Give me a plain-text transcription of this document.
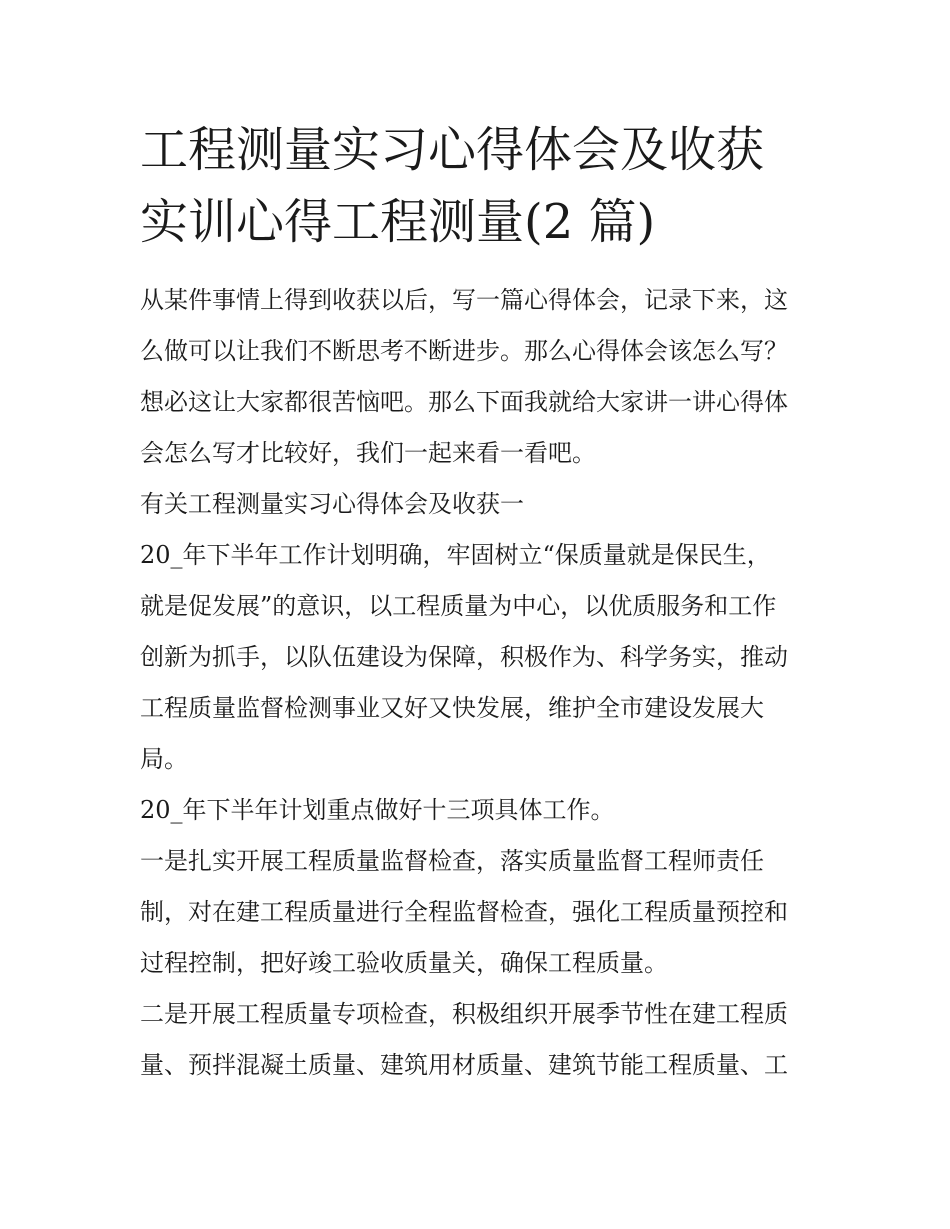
工程测量实习心得体会及收获
实训心得工程测量(2 篇)
从某件事情上得到收获以后，写一篇心得体会，记录下来，这
么做可以让我们不断思考不断进步。那么心得体会该怎么写？
想必这让大家都很苦恼吧。那么下面我就给大家讲一讲心得体
会怎么写才比较好，我们一起来看一看吧。
有关工程测量实习心得体会及收获一
20_年下半年工作计划明确，牢固树立“保质量就是保民生，
就是促发展”的意识，以工程质量为中心，以优质服务和工作
创新为抓手，以队伍建设为保障，积极作为、科学务实，推动
工程质量监督检测事业又好又快发展，维护全市建设发展大
局。
20_年下半年计划重点做好十三项具体工作。
一是扎实开展工程质量监督检查，落实质量监督工程师责任
制，对在建工程质量进行全程监督检查，强化工程质量预控和
过程控制，把好竣工验收质量关，确保工程质量。
二是开展工程质量专项检查，积极组织开展季节性在建工程质
量、预拌混凝土质量、建筑用材质量、建筑节能工程质量、工
